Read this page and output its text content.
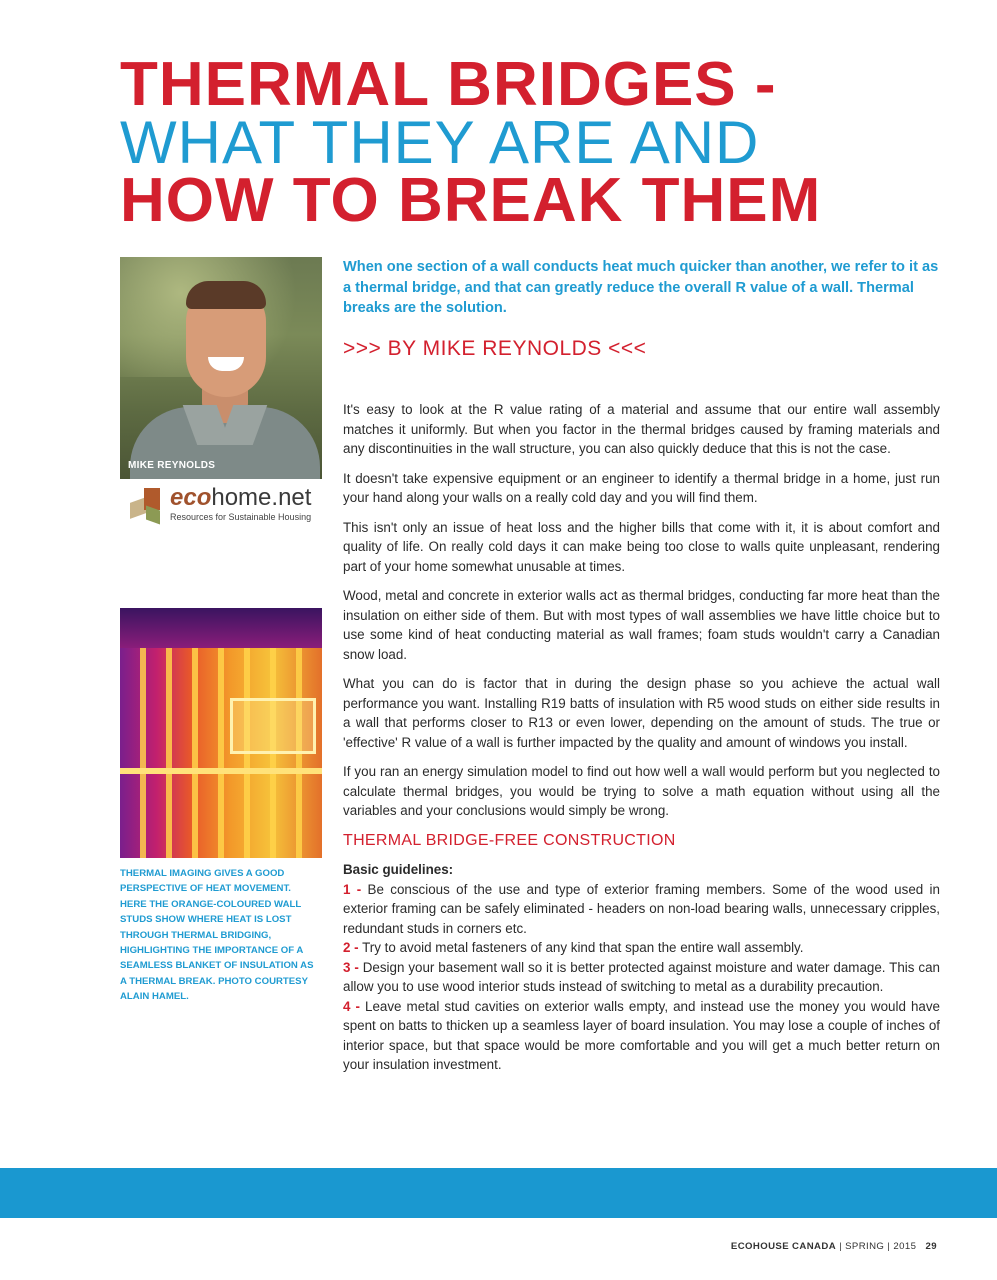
THERMAL BRIDGES -
WHAT THEY ARE AND
HOW TO BREAK THEM
MIKE REYNOLDS
ecohome.net
Resources for Sustainable Housing
THERMAL IMAGING GIVES A GOOD PERSPECTIVE OF HEAT MOVEMENT. HERE THE ORANGE-COLOURED WALL STUDS SHOW WHERE HEAT IS LOST THROUGH THERMAL BRIDGING, HIGHLIGHTING THE IMPORTANCE OF A SEAMLESS BLANKET OF INSULATION AS A THERMAL BREAK. PHOTO COURTESY ALAIN HAMEL.
When one section of a wall conducts heat much quicker than another, we refer to it as a thermal bridge, and that can greatly reduce the overall R value of a wall. Thermal breaks are the solution.
>>> BY MIKE REYNOLDS <<<

It's easy to look at the R value rating of a material and assume that our entire wall assembly matches it uniformly. But when you factor in the thermal bridges caused by framing materials and any discontinuities in the wall structure, you can also quickly deduce that this is not the case.

It doesn't take expensive equipment or an engineer to identify a thermal bridge in a home, just run your hand along your walls on a really cold day and you will find them.

This isn't only an issue of heat loss and the higher bills that come with it, it is about comfort and quality of life. On really cold days it can make being too close to walls quite unpleasant, rendering part of your home somewhat unusable at times.

Wood, metal and concrete in exterior walls act as thermal bridges, conducting far more heat than the insulation on either side of them. But with most types of wall assemblies we have little choice but to use some kind of heat conducting material as wall frames; foam studs wouldn't carry a Canadian snow load.

What you can do is factor that in during the design phase so you achieve the actual wall performance you want. Installing R19 batts of insulation with R5 wood studs on either side results in a wall that performs closer to R13 or even lower, depending on the amount of studs. The true or 'effective' R value of a wall is further impacted by the quality and amount of windows you install.

If you ran an energy simulation model to find out how well a wall would perform but you neglected to calculate thermal bridges, you would be trying to solve a math equation without using all the variables and your conclusions would simply be wrong.

THERMAL BRIDGE-FREE CONSTRUCTION

Basic guidelines:

1 - Be conscious of the use and type of exterior framing members. Some of the wood used in exterior framing can be safely eliminated - headers on non-load bearing walls, unnecessary cripples, redundant studs in corners etc.

2 - Try to avoid metal fasteners of any kind that span the entire wall assembly.

3 - Design your basement wall so it is better protected against moisture and water damage. This can allow you to use wood interior studs instead of switching to metal as a durability precaution.

4 - Leave metal stud cavities on exterior walls empty, and instead use the money you would have spent on batts to thicken up a seamless layer of board insulation. You may lose a couple of inches of interior space, but that space would be more comfortable and you will get a much better return on your insulation investment.

ECOHOUSE CANADA | SPRING | 2015 29
